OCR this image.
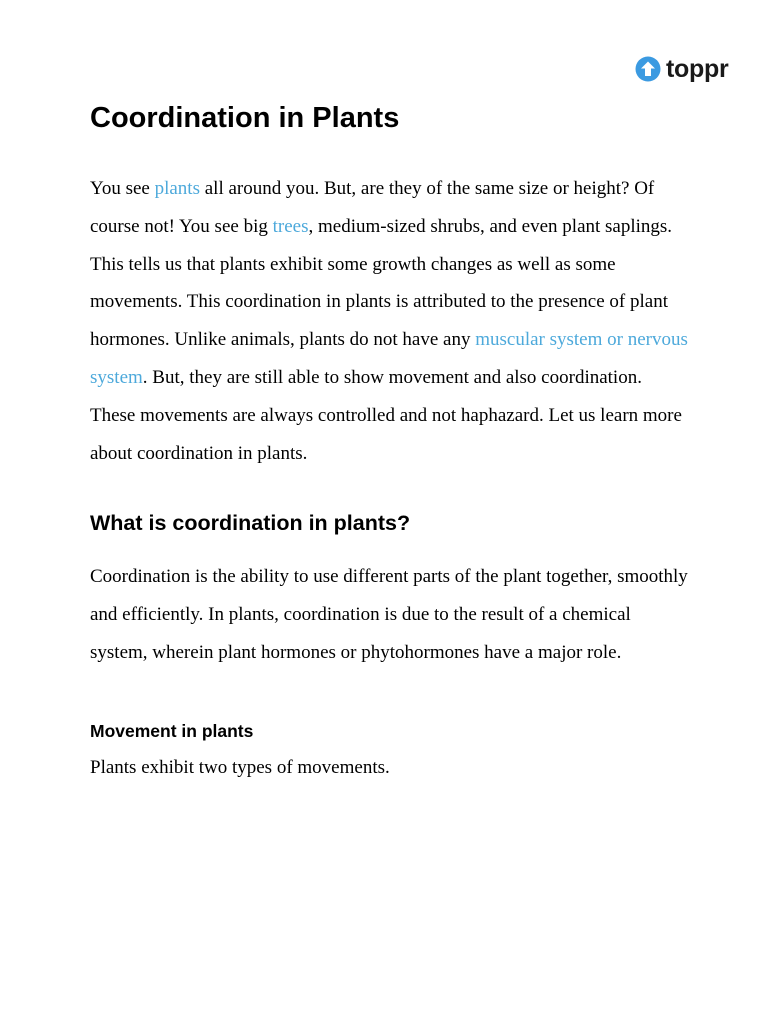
toppr
Coordination in Plants

You see plants all around you. But, are they of the same size or height? Of course not! You see big trees, medium-sized shrubs, and even plant saplings. This tells us that plants exhibit some growth changes as well as some movements. This coordination in plants is attributed to the presence of plant hormones. Unlike animals, plants do not have any muscular system or nervous system. But, they are still able to show movement and also coordination. These movements are always controlled and not haphazard. Let us learn more about coordination in plants.

What is coordination in plants?

Coordination is the ability to use different parts of the plant together, smoothly and efficiently. In plants, coordination is due to the result of a chemical system, wherein plant hormones or phytohormones have a major role.

Movement in plants

Plants exhibit two types of movements.
